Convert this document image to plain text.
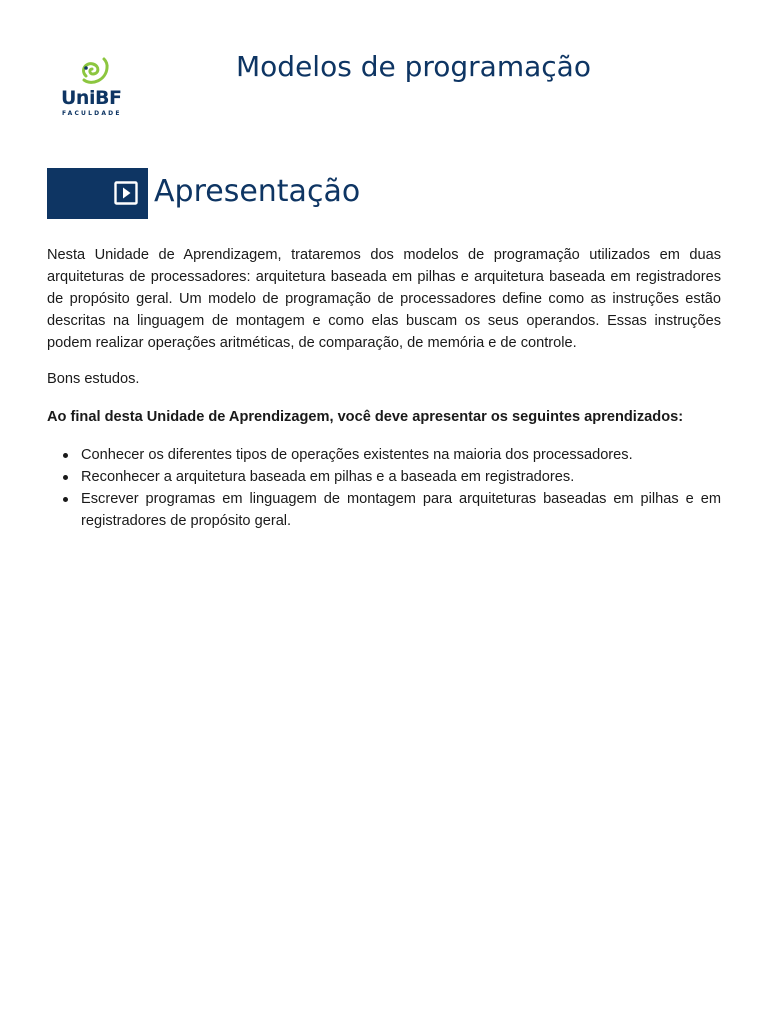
UniBF
FACULDADE
Modelos de programação
Apresentação

Nesta Unidade de Aprendizagem, trataremos dos modelos de programação utilizados em duas arquiteturas de processadores: arquitetura baseada em pilhas e arquitetura baseada em registradores de propósito geral. Um modelo de programação de processadores define como as instruções estão descritas na linguagem de montagem e como elas buscam os seus operandos. Essas instruções podem realizar operações aritméticas, de comparação, de memória e de controle.

Bons estudos.

Ao final desta Unidade de Aprendizagem, você deve apresentar os seguintes aprendizados:

Conhecer os diferentes tipos de operações existentes na maioria dos processadores.
Reconhecer a arquitetura baseada em pilhas e a baseada em registradores.
Escrever programas em linguagem de montagem para arquiteturas baseadas em pilhas e em registradores de propósito geral.
